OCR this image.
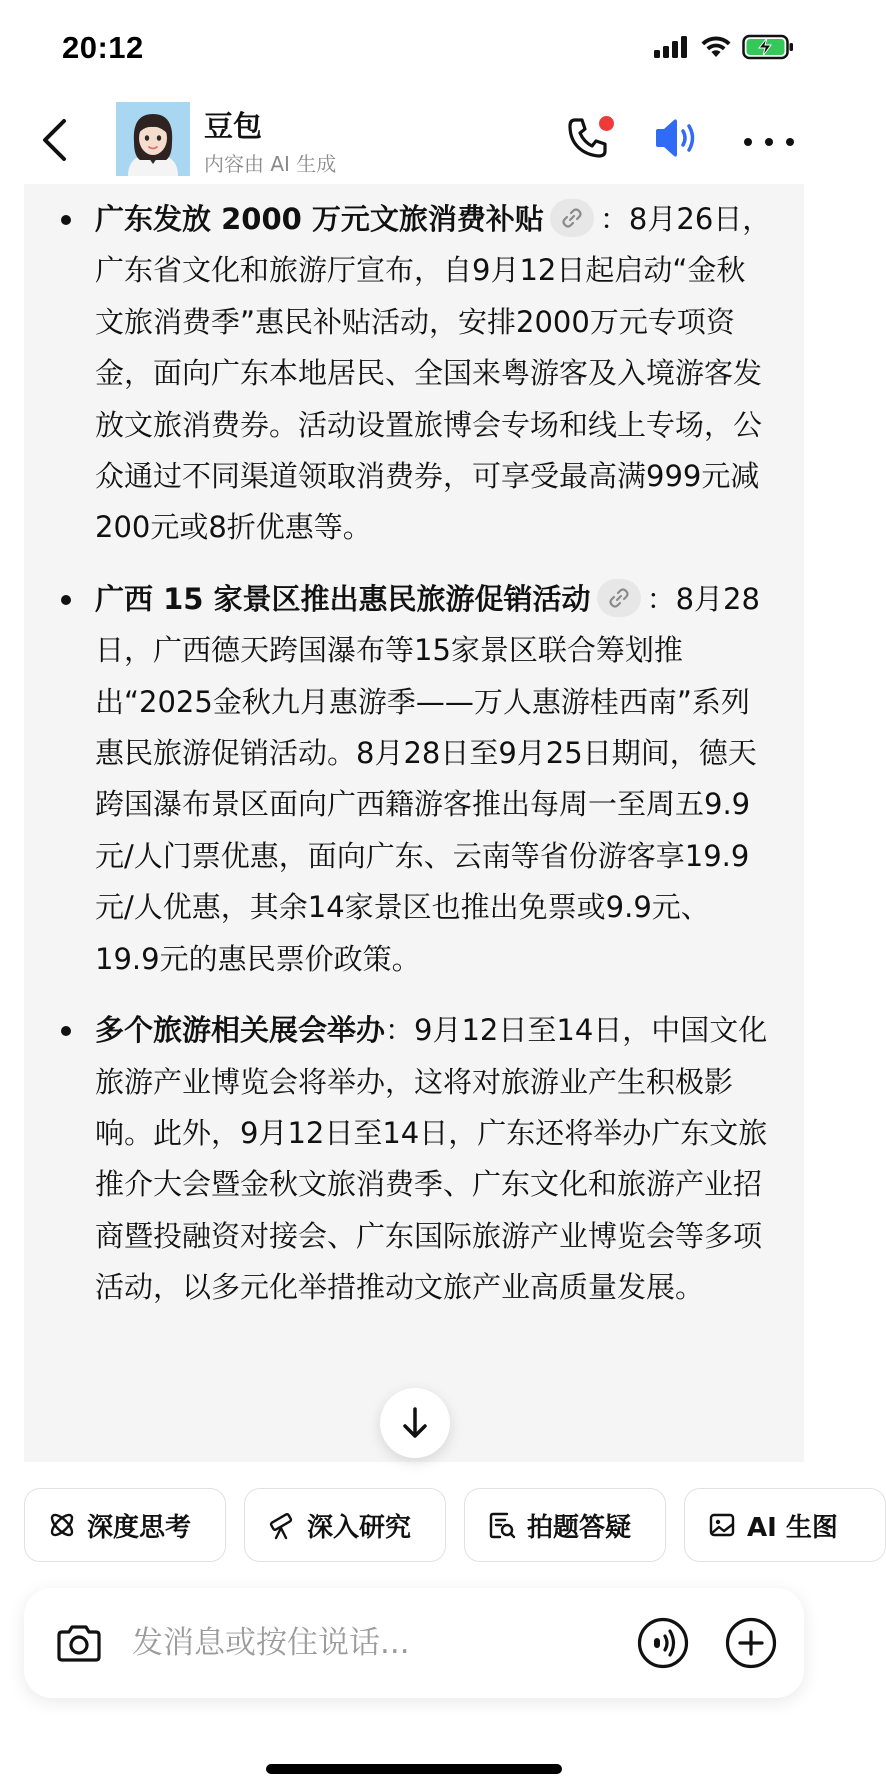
20:12
豆包
内容由 AI 生成
广东发放 2000 万元文旅消费补贴 ：8月26日，广东省文化和旅游厅宣布，自9月12日起启动“金秋文旅消费季”惠民补贴活动，安排2000万元专项资金，面向广东本地居民、全国来粤游客及入境游客发放文旅消费券。活动设置旅博会专场和线上专场，公众通过不同渠道领取消费券，可享受最高满999元减200元或8折优惠等。
广西 15 家景区推出惠民旅游促销活动 ：8月28日，广西德天跨国瀑布等15家景区联合筹划推出“2025金秋九月惠游季——万人惠游桂西南”系列惠民旅游促销活动。8月28日至9月25日期间，德天跨国瀑布景区面向广西籍游客推出每周一至周五9.9元/人门票优惠，面向广东、云南等省份游客享19.9元/人优惠，其余14家景区也推出免票或9.9元、19.9元的惠民票价政策。
多个旅游相关展会举办：9月12日至14日，中国文化旅游产业博览会将举办，这将对旅游业产生积极影响。此外，9月12日至14日，广东还将举办广东文旅推介大会暨金秋文旅消费季、广东文化和旅游产业招商暨投融资对接会、广东国际旅游产业博览会等多项活动，以多元化举措推动文旅产业高质量发展。
深度思考	深入研究	拍题答疑	AI 生图
发消息或按住说话...
